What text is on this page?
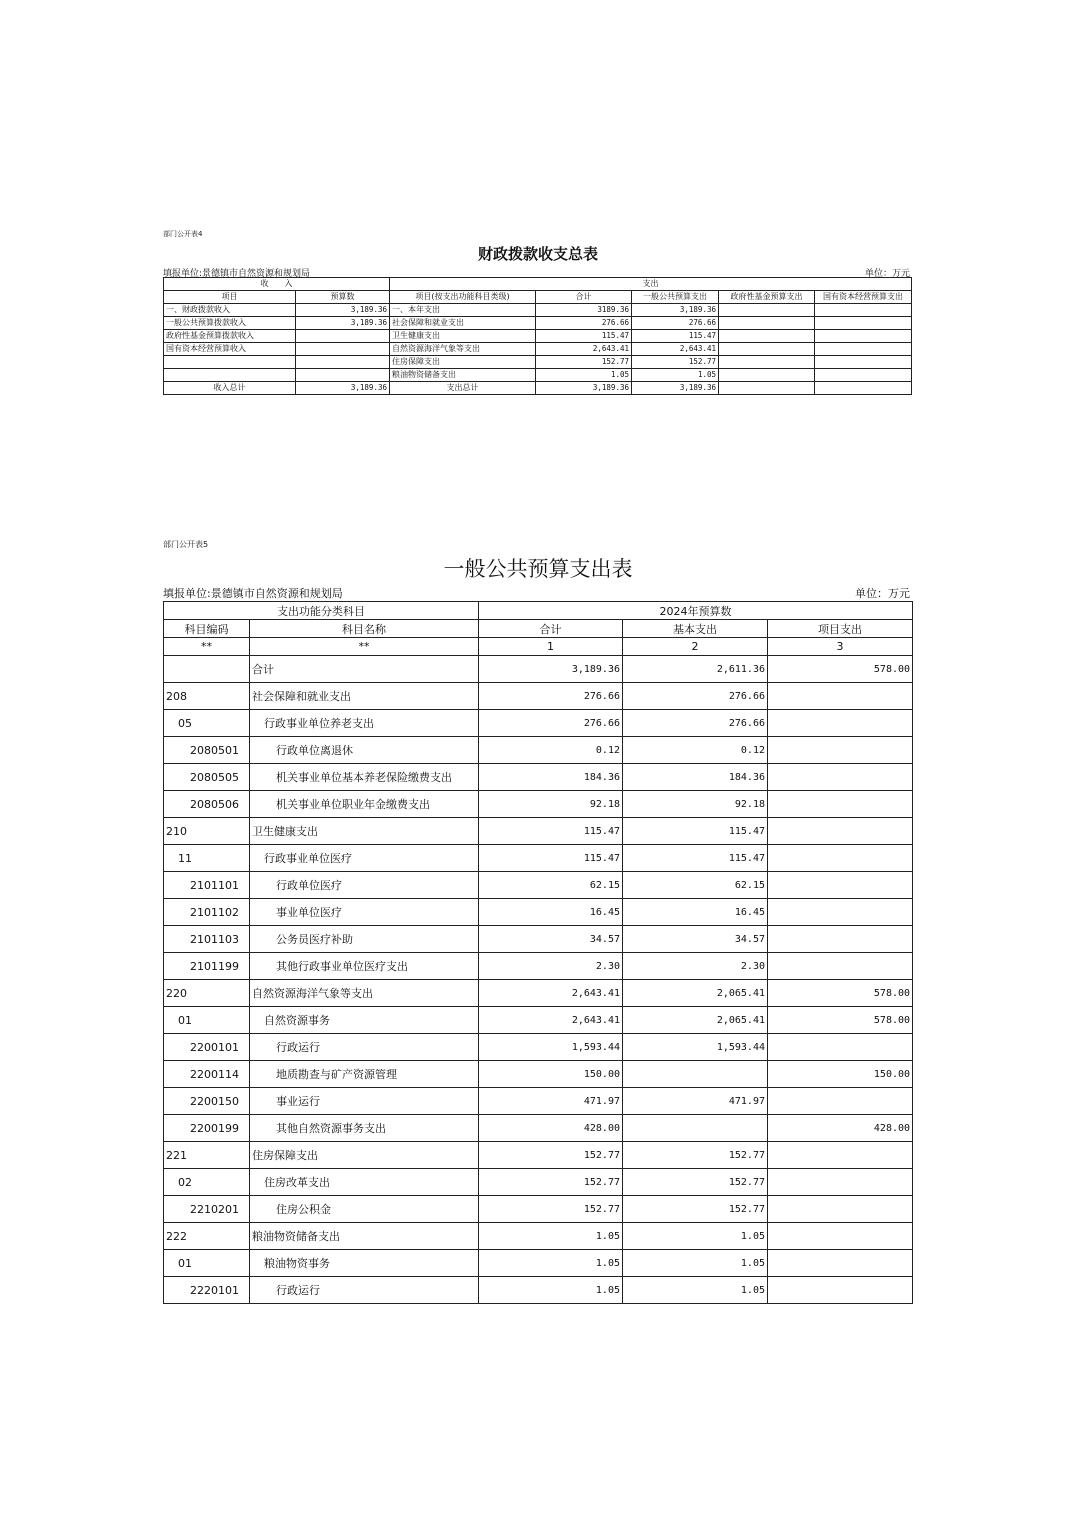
部门公开表4
财政拨款收支总表
填报单位:景德镇市自然资源和规划局	单位：万元
收　　入		支出				
项目	预算数	项目(按支出功能科目类级)	合计	一般公共预算支出	政府性基金预算支出	国有资本经营预算支出
一、财政拨款收入	3,189.36	一、本年支出	3189.36	3,189.36		
一般公共预算拨款收入	3,189.36	社会保障和就业支出	276.66	276.66		
政府性基金预算拨款收入		卫生健康支出	115.47	115.47		
国有资本经营预算收入		自然资源海洋气象等支出	2,643.41	2,643.41		
		住房保障支出	152.77	152.77		
		粮油物资储备支出	1.05	1.05		
收入总计	3,189.36	支出总计	3,189.36	3,189.36		
部门公开表5
一般公共预算支出表
填报单位:景德镇市自然资源和规划局	单位：万元
支出功能分类科目		2024年预算数		
科目编码	科目名称	合计	基本支出	项目支出
**	**	1	2	3
	合计	3,189.36	2,611.36	578.00
208	社会保障和就业支出	276.66	276.66	
05	行政事业单位养老支出	276.66	276.66	
2080501	行政单位离退休	0.12	0.12	
2080505	机关事业单位基本养老保险缴费支出	184.36	184.36	
2080506	机关事业单位职业年金缴费支出	92.18	92.18	
210	卫生健康支出	115.47	115.47	
11	行政事业单位医疗	115.47	115.47	
2101101	行政单位医疗	62.15	62.15	
2101102	事业单位医疗	16.45	16.45	
2101103	公务员医疗补助	34.57	34.57	
2101199	其他行政事业单位医疗支出	2.30	2.30	
220	自然资源海洋气象等支出	2,643.41	2,065.41	578.00
01	自然资源事务	2,643.41	2,065.41	578.00
2200101	行政运行	1,593.44	1,593.44	
2200114	地质勘查与矿产资源管理	150.00		150.00
2200150	事业运行	471.97	471.97	
2200199	其他自然资源事务支出	428.00		428.00
221	住房保障支出	152.77	152.77	
02	住房改革支出	152.77	152.77	
2210201	住房公积金	152.77	152.77	
222	粮油物资储备支出	1.05	1.05	
01	粮油物资事务	1.05	1.05	
2220101	行政运行	1.05	1.05	
